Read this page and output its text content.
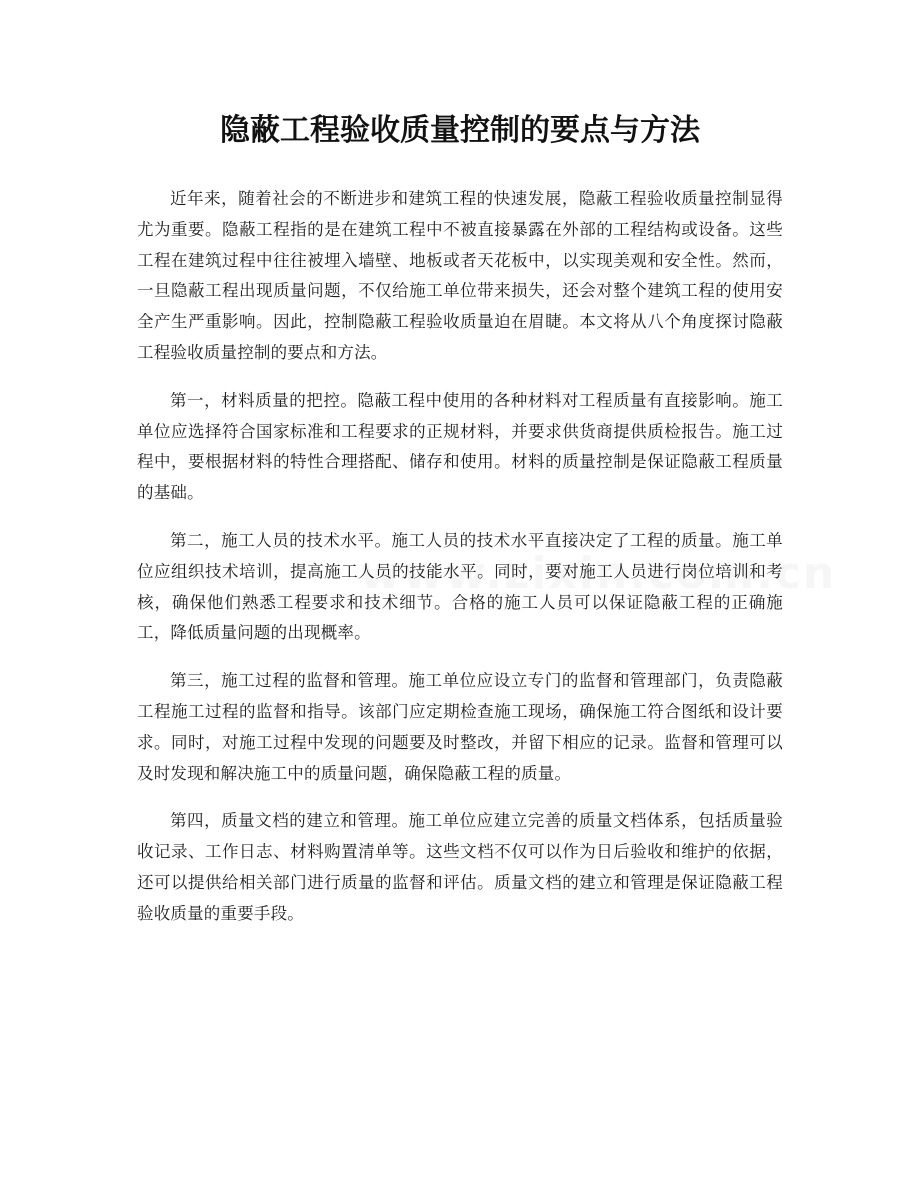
隐蔽工程验收质量控制的要点与方法

近年来，随着社会的不断进步和建筑工程的快速发展，隐蔽工程验收质量控制显得尤为重要。隐蔽工程指的是在建筑工程中不被直接暴露在外部的工程结构或设备。这些工程在建筑过程中往往被埋入墙壁、地板或者天花板中，以实现美观和安全性。然而，一旦隐蔽工程出现质量问题，不仅给施工单位带来损失，还会对整个建筑工程的使用安全产生严重影响。因此，控制隐蔽工程验收质量迫在眉睫。本文将从八个角度探讨隐蔽工程验收质量控制的要点和方法。

第一，材料质量的把控。隐蔽工程中使用的各种材料对工程质量有直接影响。施工单位应选择符合国家标准和工程要求的正规材料，并要求供货商提供质检报告。施工过程中，要根据材料的特性合理搭配、储存和使用。材料的质量控制是保证隐蔽工程质量的基础。

第二，施工人员的技术水平。施工人员的技术水平直接决定了工程的质量。施工单位应组织技术培训，提高施工人员的技能水平。同时，要对施工人员进行岗位培训和考核，确保他们熟悉工程要求和技术细节。合格的施工人员可以保证隐蔽工程的正确施工，降低质量问题的出现概率。

第三，施工过程的监督和管理。施工单位应设立专门的监督和管理部门，负责隐蔽工程施工过程的监督和指导。该部门应定期检查施工现场，确保施工符合图纸和设计要求。同时，对施工过程中发现的问题要及时整改，并留下相应的记录。监督和管理可以及时发现和解决施工中的质量问题，确保隐蔽工程的质量。

第四，质量文档的建立和管理。施工单位应建立完善的质量文档体系，包括质量验收记录、工作日志、材料购置清单等。这些文档不仅可以作为日后验收和维护的依据，还可以提供给相关部门进行质量的监督和评估。质量文档的建立和管理是保证隐蔽工程验收质量的重要手段。
